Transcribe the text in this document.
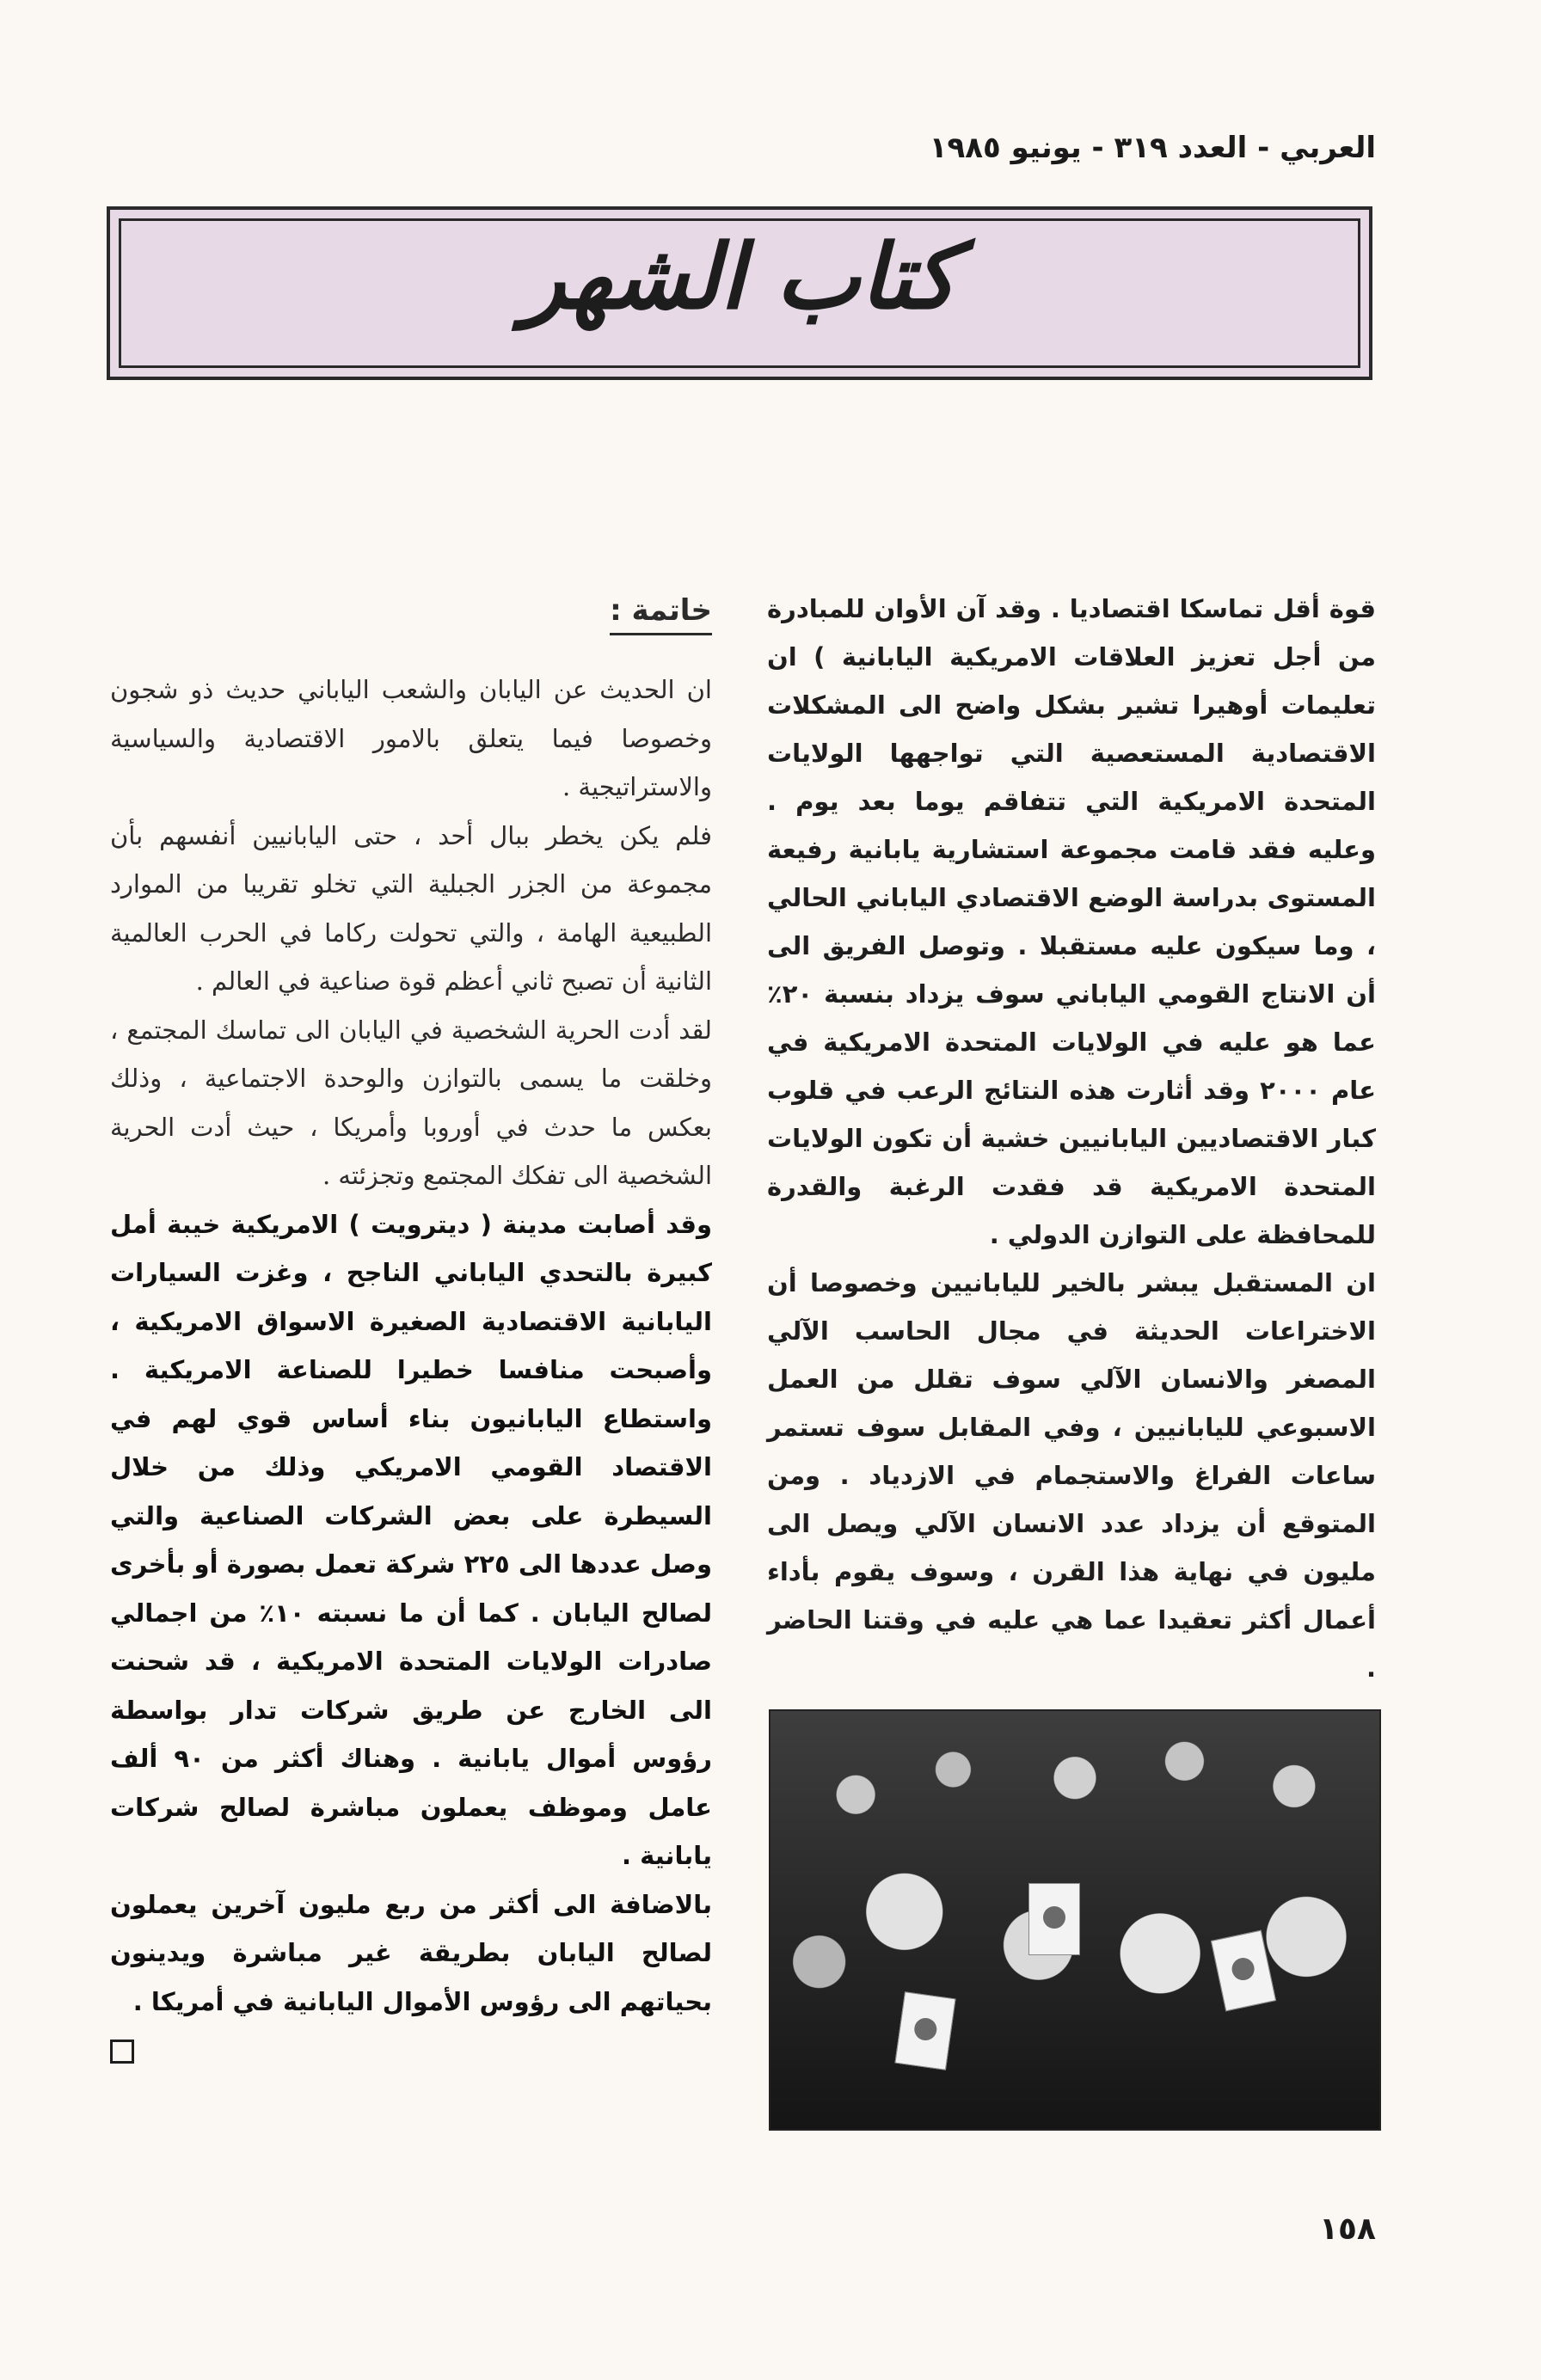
العربي - العدد ٣١٩ - يونيو ١٩٨٥
كتاب الشهر

قوة أقل تماسكا اقتصاديا . وقد آن الأوان للمبادرة من أجل تعزيز العلاقات الامريكية اليابانية ) ان تعليمات أوهيرا تشير بشكل واضح الى المشكلات الاقتصادية المستعصية التي تواجهها الولايات المتحدة الامريكية التي تتفاقم يوما بعد يوم . وعليه فقد قامت مجموعة استشارية يابانية رفيعة المستوى بدراسة الوضع الاقتصادي الياباني الحالي ، وما سيكون عليه مستقبلا . وتوصل الفريق الى أن الانتاج القومي الياباني سوف يزداد بنسبة ٢٠٪ عما هو عليه في الولايات المتحدة الامريكية في عام ٢٠٠٠ وقد أثارت هذه النتائج الرعب في قلوب كبار الاقتصاديين اليابانيين خشية أن تكون الولايات المتحدة الامريكية قد فقدت الرغبة والقدرة للمحافظة على التوازن الدولي .

ان المستقبل يبشر بالخير لليابانيين وخصوصا أن الاختراعات الحديثة في مجال الحاسب الآلي المصغر والانسان الآلي سوف تقلل من العمل الاسبوعي لليابانيين ، وفي المقابل سوف تستمر ساعات الفراغ والاستجمام في الازدياد . ومن المتوقع أن يزداد عدد الانسان الآلي ويصل الى مليون في نهاية هذا القرن ، وسوف يقوم بأداء أعمال أكثر تعقيدا عما هي عليه في وقتنا الحاضر .

خاتمة :

ان الحديث عن اليابان والشعب الياباني حديث ذو شجون وخصوصا فيما يتعلق بالامور الاقتصادية والسياسية والاستراتيجية .

فلم يكن يخطر ببال أحد ، حتى اليابانيين أنفسهم بأن مجموعة من الجزر الجبلية التي تخلو تقريبا من الموارد الطبيعية الهامة ، والتي تحولت ركاما في الحرب العالمية الثانية أن تصبح ثاني أعظم قوة صناعية في العالم .

لقد أدت الحرية الشخصية في اليابان الى تماسك المجتمع ، وخلقت ما يسمى بالتوازن والوحدة الاجتماعية ، وذلك بعكس ما حدث في أوروبا وأمريكا ، حيث أدت الحرية الشخصية الى تفكك المجتمع وتجزئته .

وقد أصابت مدينة ( ديترويت ) الامريكية خيبة أمل كبيرة بالتحدي الياباني الناجح ، وغزت السيارات اليابانية الاقتصادية الصغيرة الاسواق الامريكية ، وأصبحت منافسا خطيرا للصناعة الامريكية . واستطاع اليابانيون بناء أساس قوي لهم في الاقتصاد القومي الامريكي وذلك من خلال السيطرة على بعض الشركات الصناعية والتي وصل عددها الى ٢٢٥ شركة تعمل بصورة أو بأخرى لصالح اليابان . كما أن ما نسبته ١٠٪ من اجمالي صادرات الولايات المتحدة الامريكية ، قد شحنت الى الخارج عن طريق شركات تدار بواسطة رؤوس أموال يابانية . وهناك أكثر من ٩٠ ألف عامل وموظف يعملون مباشرة لصالح شركات يابانية .

بالاضافة الى أكثر من ربع مليون آخرين يعملون لصالح اليابان بطريقة غير مباشرة ويدينون بحياتهم الى رؤوس الأموال اليابانية في أمريكا .

١٥٨
